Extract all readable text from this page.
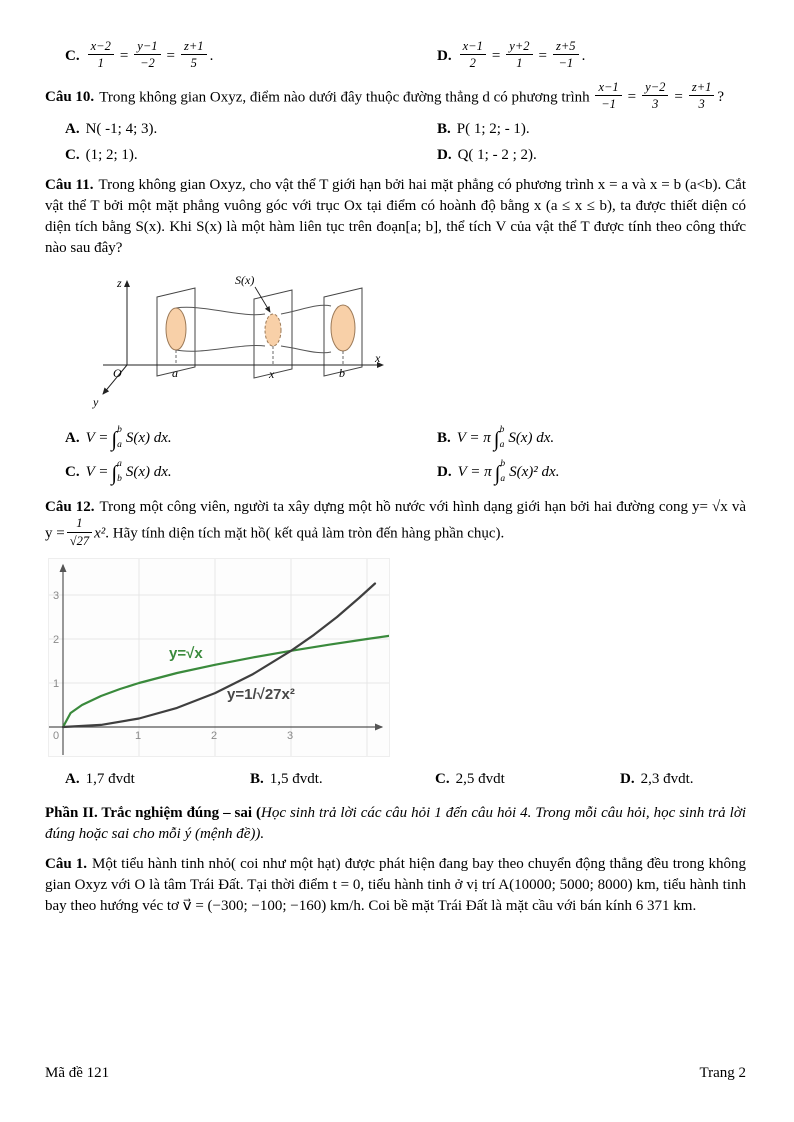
C. $\frac{x-2}{1} = \frac{y-1}{-2} = \frac{z+1}{5}$ .	D. $\frac{x-1}{2} = \frac{y+2}{1} = \frac{z+5}{-1}$ .

Câu 10. Trong không gian Oxyz, điểm nào dưới đây thuộc đường thẳng d có phương trình $\frac{x-1}{-1} = \frac{y-2}{3} = \frac{z+1}{3}$ ?

A. N( -1; 4; 3).	B. P( 1; 2; - 1).
C. (1; 2; 1).	D. Q( 1; - 2 ; 2).

Câu 11. Trong không gian Oxyz, cho vật thể T giới hạn bởi hai mặt phẳng có phương trình x = a và x = b (a<b). Cắt vật thể T bởi một mặt phẳng vuông góc với trục Ox tại điểm có hoành độ bằng x (a ≤ x ≤ b), ta được thiết diện có diện tích bằng S(x). Khi S(x) là một hàm liên tục trên đoạn[a; b], thể tích V của vật thể T được tính theo công thức nào sau đây?

z
x
y
O	a	x	b
S(x)
A. V = ∫ b
a S(x) dx.	B. V = π ∫ b
a S(x) dx.
C. V = ∫ a
b S(x) dx.	D. V = π ∫ b
a S(x)² dx.

Câu 12. Trong một công viên, người ta xây dựng một hồ nước với hình dạng giới hạn bởi hai đường cong y= √x và $y = \frac{1}{√27} x^2$. Hãy tính diện tích mặt hồ( kết quả làm tròn đến hàng phần chục).

0	1	2	3
1
2
3
y=√x
y=1/√27x²
A. 1,7 đvdt	B. 1,5 đvdt.	C. 2,5 đvdt	D. 2,3 đvdt.

Phần II. Trắc nghiệm đúng – sai (Học sinh trả lời các câu hỏi 1 đến câu hỏi 4. Trong mỗi câu hỏi, học sinh trả lời đúng hoặc sai cho mỗi ý (mệnh đề)).

Câu 1. Một tiểu hành tinh nhỏ( coi như một hạt) được phát hiện đang bay theo chuyển động thẳng đều trong không gian Oxyz với O là tâm Trái Đất. Tại thời điểm t = 0, tiểu hành tinh ở vị trí A(10000; 5000; 8000) km, tiểu hành tinh bay theo hướng véc tơ v⃗ = (−300; −100; −160) km/h. Coi bề mặt Trái Đất là mặt cầu với bán kính 6 371 km.

Mã đề 121	Trang 2
